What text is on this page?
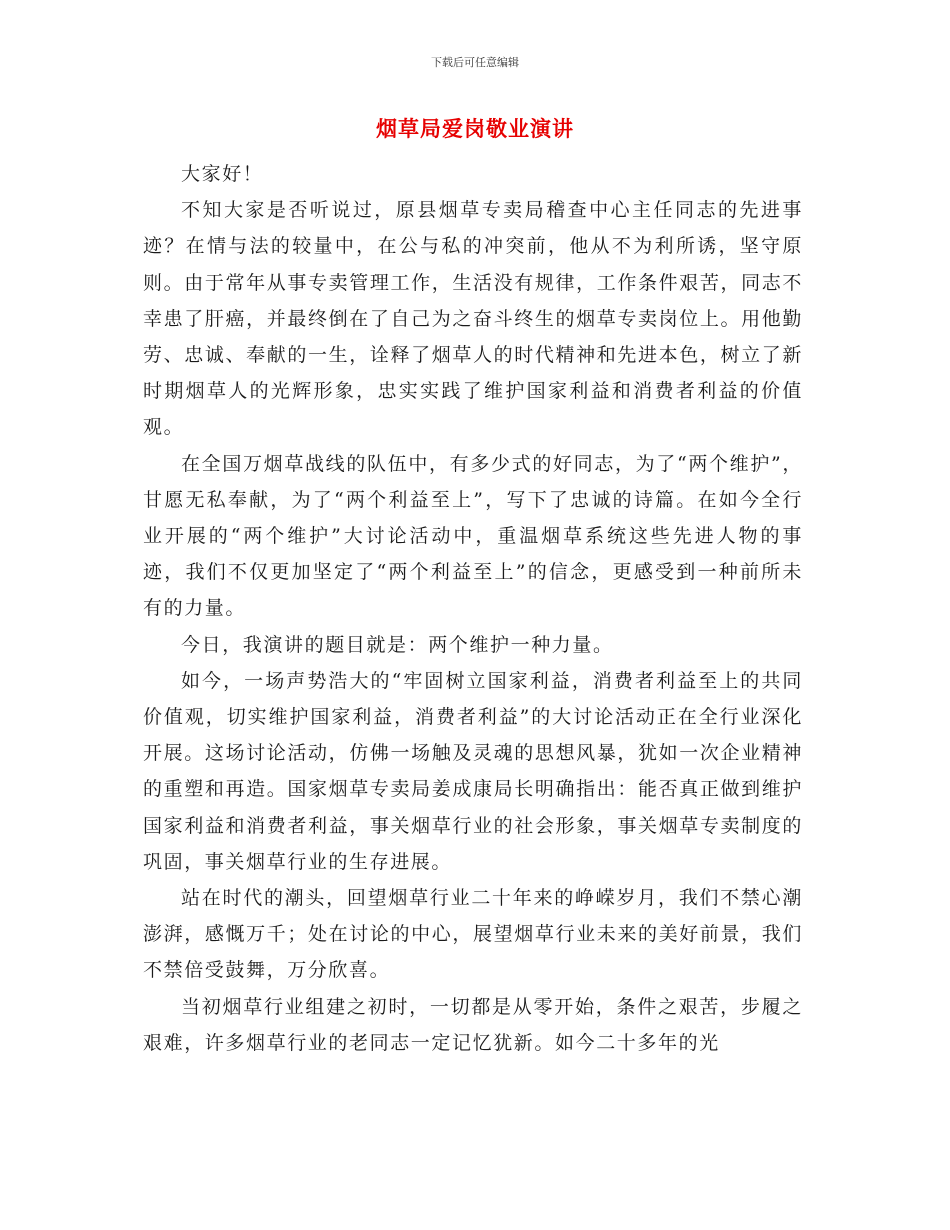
下载后可任意编辑
烟草局爱岗敬业演讲

大家好！

不知大家是否听说过，原县烟草专卖局稽查中心主任同志的先进事迹？在情与法的较量中，在公与私的冲突前，他从不为利所诱，坚守原则。由于常年从事专卖管理工作，生活没有规律，工作条件艰苦，同志不幸患了肝癌，并最终倒在了自己为之奋斗终生的烟草专卖岗位上。用他勤劳、忠诚、奉献的一生，诠释了烟草人的时代精神和先进本色，树立了新时期烟草人的光辉形象，忠实实践了维护国家利益和消费者利益的价值观。

在全国万烟草战线的队伍中，有多少式的好同志，为了“两个维护”，甘愿无私奉献，为了“两个利益至上”，写下了忠诚的诗篇。在如今全行业开展的“两个维护”大讨论活动中，重温烟草系统这些先进人物的事迹，我们不仅更加坚定了“两个利益至上”的信念，更感受到一种前所未有的力量。

今日，我演讲的题目就是：两个维护一种力量。

如今，一场声势浩大的“牢固树立国家利益，消费者利益至上的共同价值观，切实维护国家利益，消费者利益”的大讨论活动正在全行业深化开展。这场讨论活动，仿佛一场触及灵魂的思想风暴，犹如一次企业精神的重塑和再造。国家烟草专卖局姜成康局长明确指出：能否真正做到维护国家利益和消费者利益，事关烟草行业的社会形象，事关烟草专卖制度的巩固，事关烟草行业的生存进展。

站在时代的潮头，回望烟草行业二十年来的峥嵘岁月，我们不禁心潮澎湃，感慨万千；处在讨论的中心，展望烟草行业未来的美好前景，我们不禁倍受鼓舞，万分欣喜。

当初烟草行业组建之初时，一切都是从零开始，条件之艰苦，步履之艰难，许多烟草行业的老同志一定记忆犹新。如今二十多年的光
